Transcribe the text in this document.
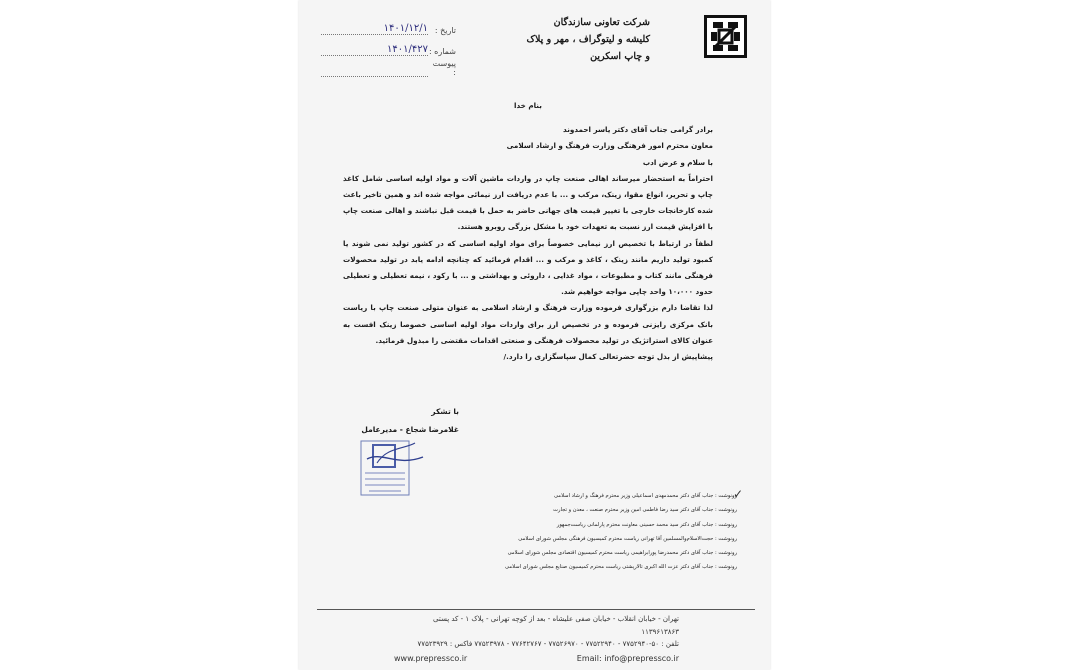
شرکت تعاونی سازندگان
کلیشه و لیتوگراف ، مهر و پلاک
و چاپ اسکرین
تاریخ :
۱۴۰۱/۱۲/۱
شماره :
۱۴۰۱/۴۲۷
پیوست :

بنام خدا

برادر گرامی جناب آقای دکتر یاسر احمدوند

معاون محترم امور فرهنگی وزارت فرهنگ و ارشاد اسلامی

با سلام و عرض ادب

احتراماً به استحضار میرساند اهالی صنعت چاپ در واردات ماشین آلات و مواد اولیه اساسی شامل کاغذ چاپ و تحریر، انواع مقوا، زینک، مرکب و ... با عدم دریافت ارز نیمائی مواجه شده اند و همین تاخیر باعث شده کارخانجات خارجی با تغییر قیمت های جهانی حاضر به حمل با قیمت قبل نباشند و اهالی صنعت چاپ با افزایش قیمت ارز نسبت به تعهدات خود با مشکل بزرگی روبرو هستند.

لطفاً در ارتباط با تخصیص ارز نیمایی خصوصاً برای مواد اولیه اساسی که در کشور تولید نمی شوند یا کمبود تولید داریم مانند زینک ، کاغذ و مرکب و ... اقدام فرمائید که چنانچه ادامه یابد در تولید محصولات فرهنگی مانند کتاب و مطبوعات ، مواد غذایی ، داروئی و بهداشتی و ... با رکود ، نیمه تعطیلی و تعطیلی حدود ۱۰،۰۰۰ واحد چاپی مواجه خواهیم شد.

لذا تقاضا دارم بزرگواری فرموده وزارت فرهنگ و ارشاد اسلامی به عنوان متولی صنعت چاپ با ریاست بانک مرکزی رایزنی فرموده و در تخصیص ارز برای واردات مواد اولیه اساسی خصوصا زینک افست به عنوان کالای استراتژیک در تولید محصولات فرهنگی و صنعتی اقدامات مقتضی را مبذول فرمائید.

پیشاپیش از بذل توجه حضرتعالی کمال سپاسگزاری را دارد./

با تشکر
غلامرضا شجاع - مدیرعامل
✓
رونوشت : جناب آقای دکتر محمدمهدی اسماعیلی وزیر محترم فرهنگ و ارشاد اسلامی
رونوشت : جناب آقای دکتر سید رضا فاطمی امین وزیر محترم صنعت ، معدن و تجارت
رونوشت : جناب آقای دکتر سید محمد حسینی معاونت محترم پارلمانی ریاست‌جمهور
رونوشت : حجت‌الاسلام‌والمسلمین آقا تهرانی ریاست محترم کمیسیون فرهنگی مجلس شورای اسلامی
رونوشت : جناب آقای دکتر محمدرضا پورابراهیمی ریاست محترم کمیسیون اقتصادی مجلس شورای اسلامی
رونوشت : جناب آقای دکتر عزت الله اکبری تالارپشتی ریاست محترم کمیسیون صنایع مجلس شورای اسلامی
تهران - خیابان انقلاب - خیابان صفی علیشاه - بعد از کوچه تهرانی - پلاک ۱ - کد پستی ۱۱۳۹۶۱۳۸۶۳
تلفن : ۵۰-۷۷۵۲۹۴۰ - ۷۷۵۲۲۹۴۰ - ۷۷۵۲۶۹۷۰ - ۷۷۶۴۲۷۶۷ - ۷۷۵۲۳۹۷۸ فاکس : ۷۷۵۲۳۹۲۹
www.prepressco.ir	Email: info@prepressco.ir
